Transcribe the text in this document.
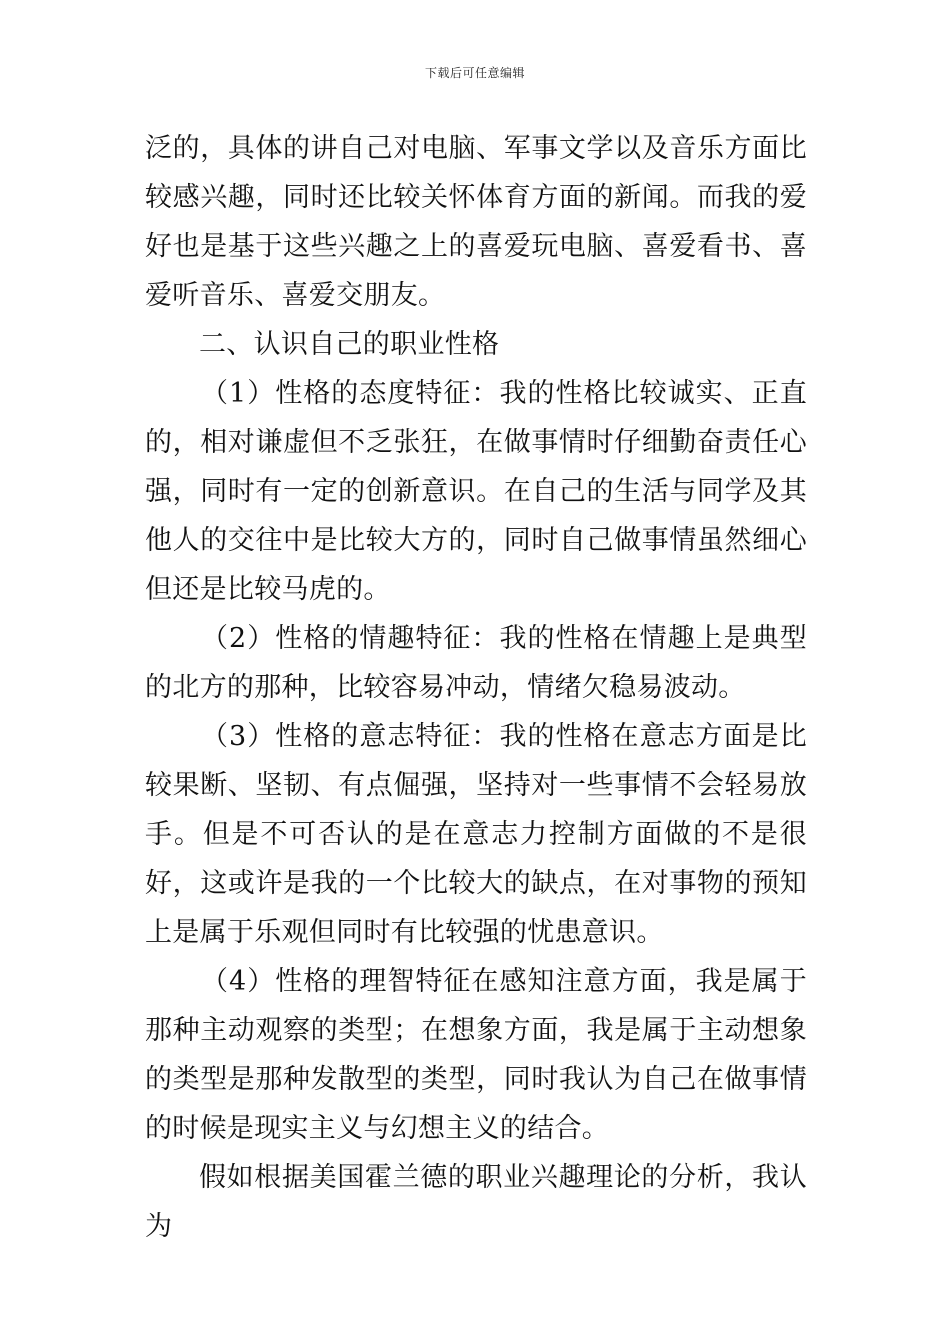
下载后可任意编辑

泛的，具体的讲自己对电脑、军事文学以及音乐方面比较感兴趣，同时还比较关怀体育方面的新闻。而我的爱好也是基于这些兴趣之上的喜爱玩电脑、喜爱看书、喜爱听音乐、喜爱交朋友。

二、认识自己的职业性格

（1）性格的态度特征：我的性格比较诚实、正直的，相对谦虚但不乏张狂，在做事情时仔细勤奋责任心强，同时有一定的创新意识。在自己的生活与同学及其他人的交往中是比较大方的，同时自己做事情虽然细心但还是比较马虎的。

（2）性格的情趣特征：我的性格在情趣上是典型的北方的那种，比较容易冲动，情绪欠稳易波动。

（3）性格的意志特征：我的性格在意志方面是比较果断、坚韧、有点倔强，坚持对一些事情不会轻易放手。但是不可否认的是在意志力控制方面做的不是很好，这或许是我的一个比较大的缺点，在对事物的预知上是属于乐观但同时有比较强的忧患意识。

（4）性格的理智特征在感知注意方面，我是属于那种主动观察的类型；在想象方面，我是属于主动想象的类型是那种发散型的类型，同时我认为自己在做事情的时候是现实主义与幻想主义的结合。

假如根据美国霍兰德的职业兴趣理论的分析，我认为
